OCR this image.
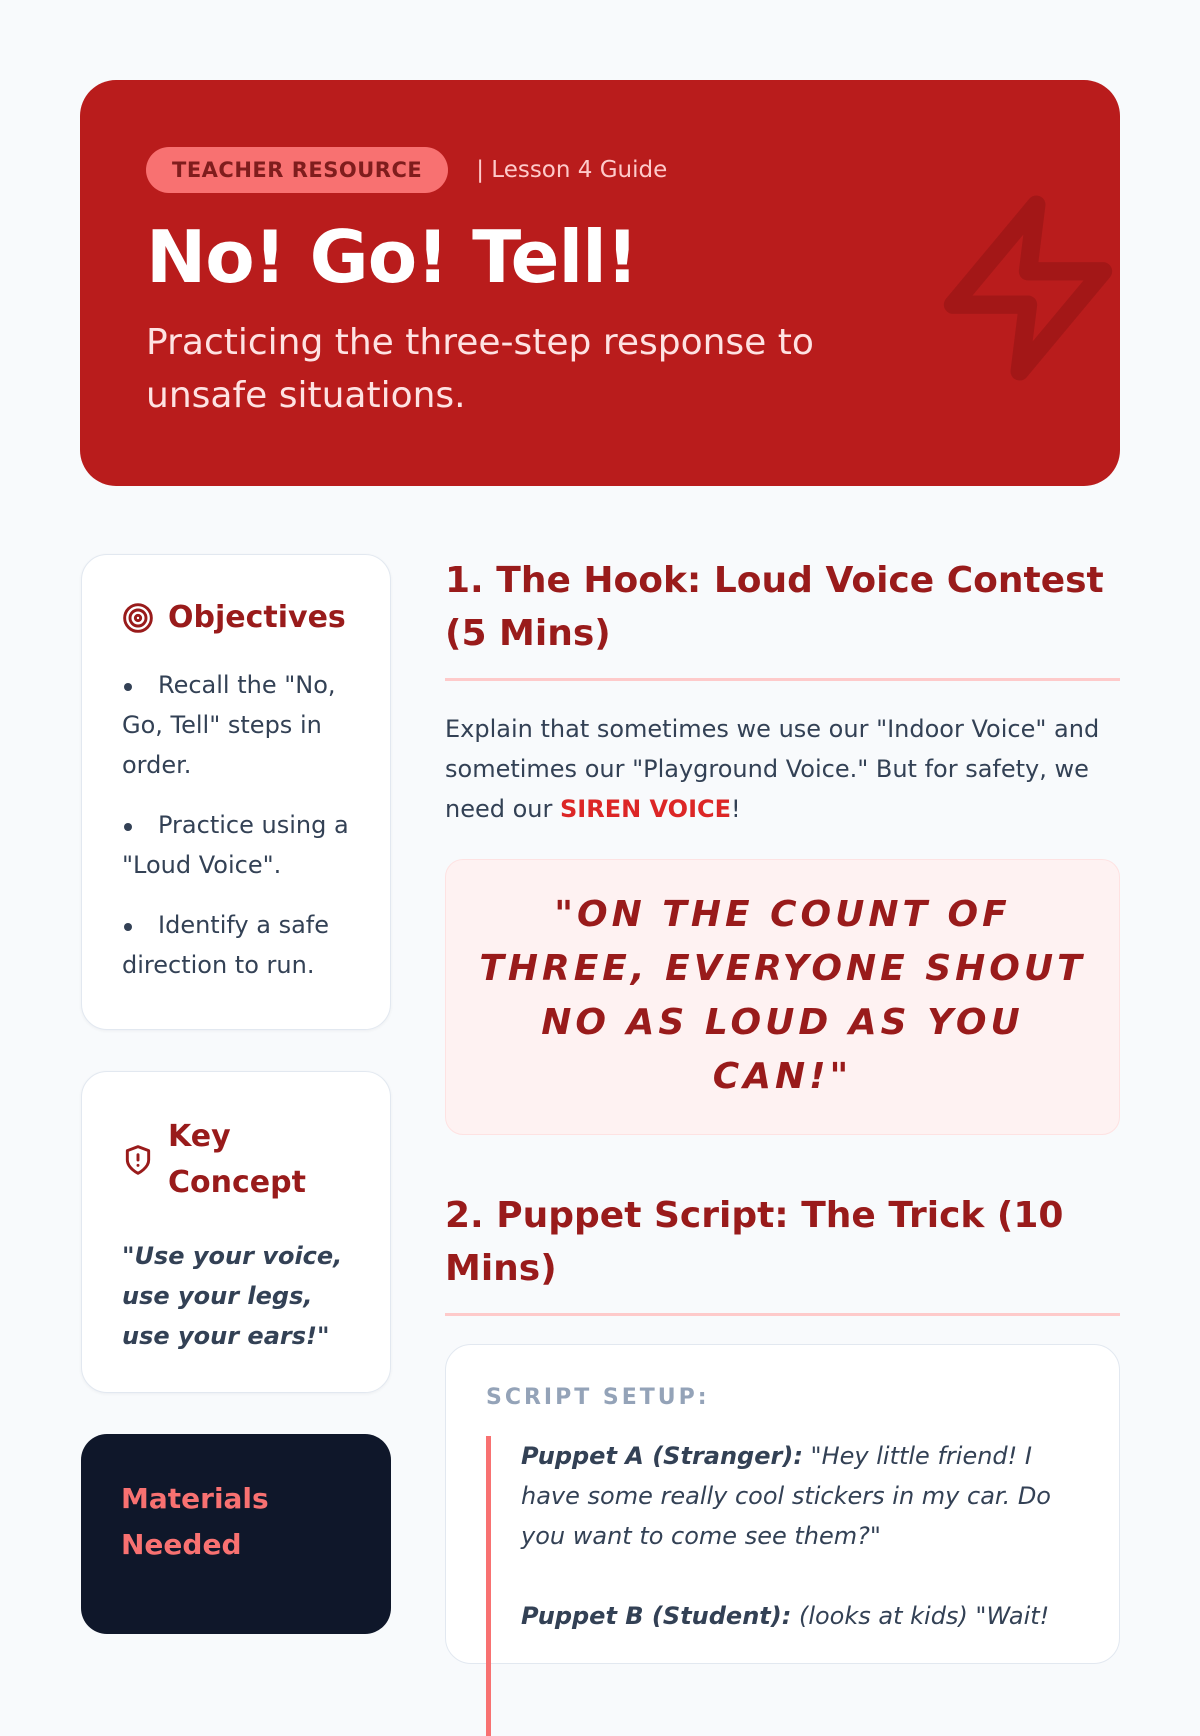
TEACHER RESOURCE	| Lesson 4 Guide
No! Go! Tell!

Practicing the three-step response to unsafe situations.

Objectives
Recall the "No, Go, Tell" steps in order.
Practice using a "Loud Voice".
Identify a safe direction to run.
Key Concept

"Use your voice, use your legs, use your ears!"

Materials Needed
1. The Hook: Loud Voice Contest (5 Mins)

Explain that sometimes we use our "Indoor Voice" and sometimes our "Playground Voice." But for safety, we need our SIREN VOICE!

"ON THE COUNT OF THREE, EVERYONE SHOUT NO AS LOUD AS YOU CAN!"
2. Puppet Script: The Trick (10 Mins)
SCRIPT SETUP:

Puppet A (Stranger): "Hey little friend! I have some really cool stickers in my car. Do you want to come see them?"

Puppet B (Student): (looks at kids) "Wait!
